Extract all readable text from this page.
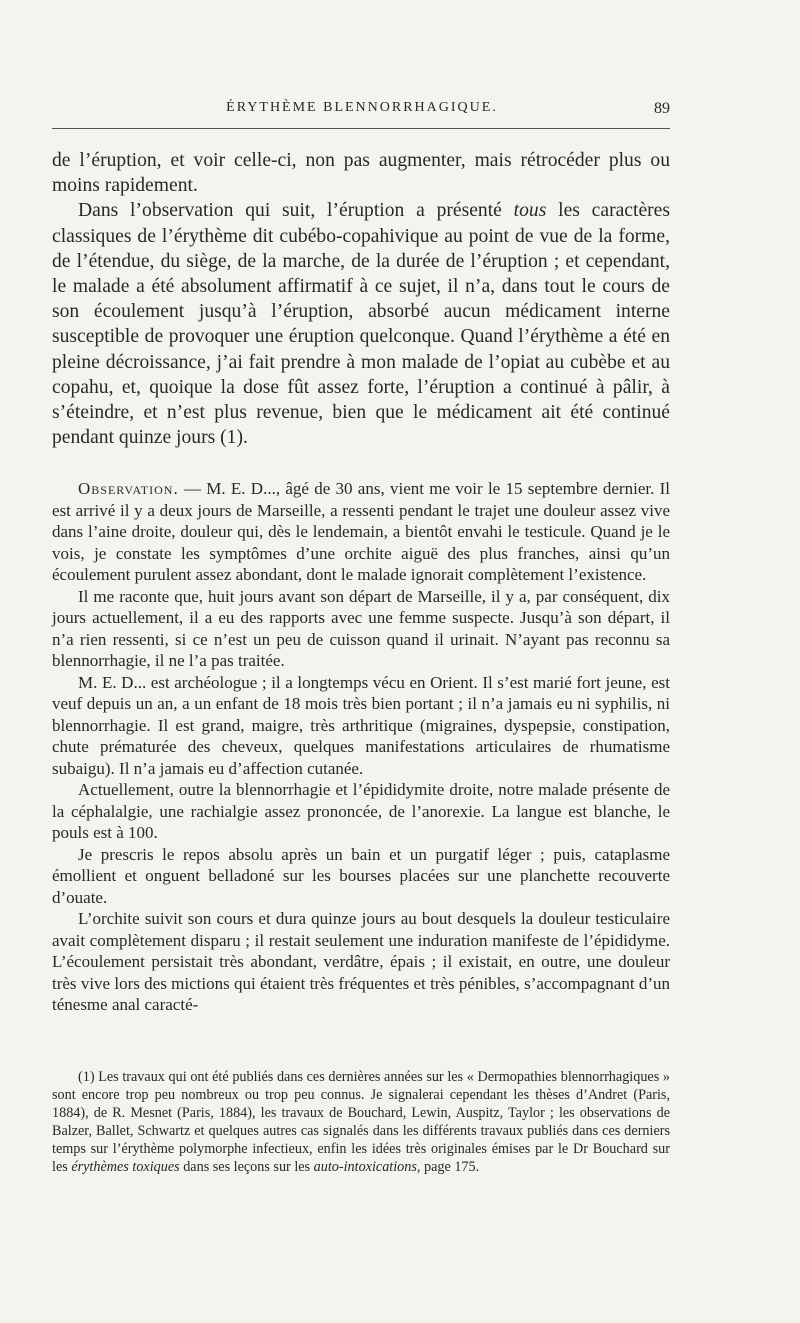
ÉRYTHÈME BLENNORRHAGIQUE.	89

de l’éruption, et voir celle-ci, non pas augmenter, mais rétrocéder plus ou moins rapidement.

Dans l’observation qui suit, l’éruption a présenté tous les caractères classiques de l’érythème dit cubébo-copahivique au point de vue de la forme, de l’étendue, du siège, de la marche, de la durée de l’éruption ; et cependant, le malade a été absolument affirmatif à ce sujet, il n’a, dans tout le cours de son écoulement jusqu’à l’éruption, absorbé aucun médicament interne susceptible de provoquer une éruption quelconque. Quand l’érythème a été en pleine décroissance, j’ai fait prendre à mon malade de l’opiat au cubèbe et au copahu, et, quoique la dose fût assez forte, l’éruption a continué à pâlir, à s’éteindre, et n’est plus revenue, bien que le médicament ait été continué pendant quinze jours (1).

Observation. — M. E. D..., âgé de 30 ans, vient me voir le 15 septembre dernier. Il est arrivé il y a deux jours de Marseille, a ressenti pendant le trajet une douleur assez vive dans l’aine droite, douleur qui, dès le lendemain, a bientôt envahi le testicule. Quand je le vois, je constate les symptômes d’une orchite aiguë des plus franches, ainsi qu’un écoulement purulent assez abondant, dont le malade ignorait complètement l’existence.

Il me raconte que, huit jours avant son départ de Marseille, il y a, par conséquent, dix jours actuellement, il a eu des rapports avec une femme suspecte. Jusqu’à son départ, il n’a rien ressenti, si ce n’est un peu de cuisson quand il urinait. N’ayant pas reconnu sa blennorrhagie, il ne l’a pas traitée.

M. E. D... est archéologue ; il a longtemps vécu en Orient. Il s’est marié fort jeune, est veuf depuis un an, a un enfant de 18 mois très bien portant ; il n’a jamais eu ni syphilis, ni blennorrhagie. Il est grand, maigre, très arthritique (migraines, dyspepsie, constipation, chute prématurée des cheveux, quelques manifestations articulaires de rhumatisme subaigu). Il n’a jamais eu d’affection cutanée.

Actuellement, outre la blennorrhagie et l’épididymite droite, notre malade présente de la céphalalgie, une rachialgie assez prononcée, de l’anorexie. La langue est blanche, le pouls est à 100.

Je prescris le repos absolu après un bain et un purgatif léger ; puis, cataplasme émollient et onguent belladoné sur les bourses placées sur une planchette recouverte d’ouate.

L’orchite suivit son cours et dura quinze jours au bout desquels la douleur testiculaire avait complètement disparu ; il restait seulement une induration manifeste de l’épididyme. L’écoulement persistait très abondant, verdâtre, épais ; il existait, en outre, une douleur très vive lors des mictions qui étaient très fréquentes et très pénibles, s’accompagnant d’un ténesme anal caracté-

(1) Les travaux qui ont été publiés dans ces dernières années sur les « Dermopathies blennorrhagiques » sont encore trop peu nombreux ou trop peu connus. Je signalerai cependant les thèses d’Andret (Paris, 1884), de R. Mesnet (Paris, 1884), les travaux de Bouchard, Lewin, Auspitz, Taylor ; les observations de Balzer, Ballet, Schwartz et quelques autres cas signalés dans les différents travaux publiés dans ces derniers temps sur l’érythème polymorphe infectieux, enfin les idées très originales émises par le Dr Bouchard sur les érythèmes toxiques dans ses leçons sur les auto-intoxications, page 175.
